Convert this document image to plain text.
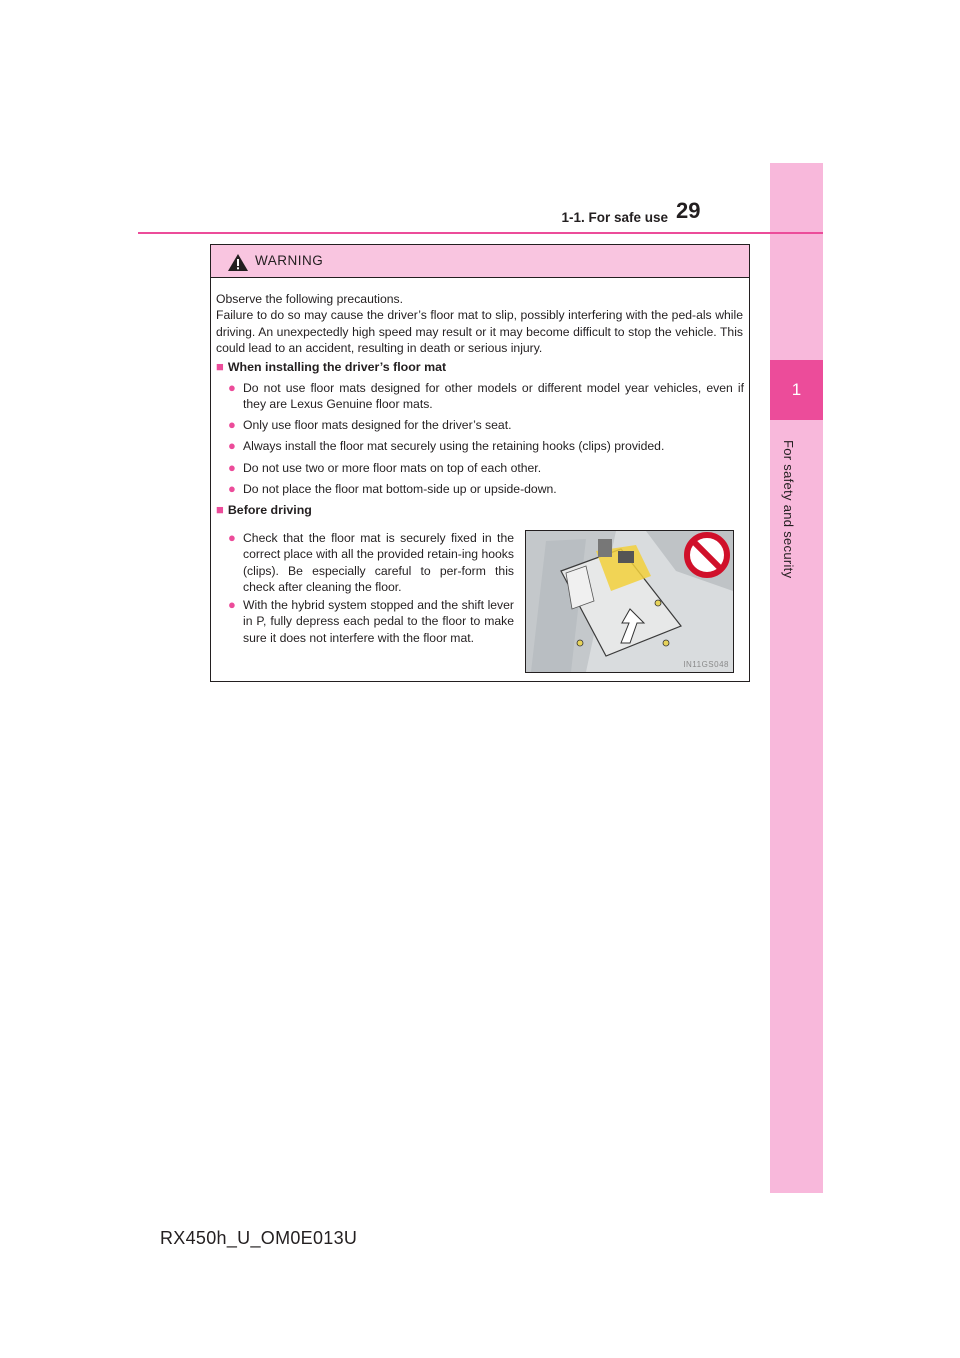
1
For safety and security
1-1. For safe use 29
WARNING

Observe the following precautions.

Failure to do so may cause the driver’s floor mat to slip, possibly interfering with the ped-als while driving. An unexpectedly high speed may result or it may become difficult to stop the vehicle. This could lead to an accident, resulting in death or serious injury.

■ When installing the driver’s floor mat
● Do not use floor mats designed for other models or different model year vehicles, even if they are Lexus Genuine floor mats.
● Only use floor mats designed for the driver’s seat.
● Always install the floor mat securely using the retaining hooks (clips) provided.
● Do not use two or more floor mats on top of each other.
● Do not place the floor mat bottom-side up or upside-down.
■ Before driving
● Check that the floor mat is securely fixed in the correct place with all the provided retain-ing hooks (clips). Be especially careful to per-form this check after cleaning the floor.
● With the hybrid system stopped and the shift lever in P, fully depress each pedal to the floor to make sure it does not interfere with the floor mat.
IN11GS048
RX450h_U_OM0E013U
